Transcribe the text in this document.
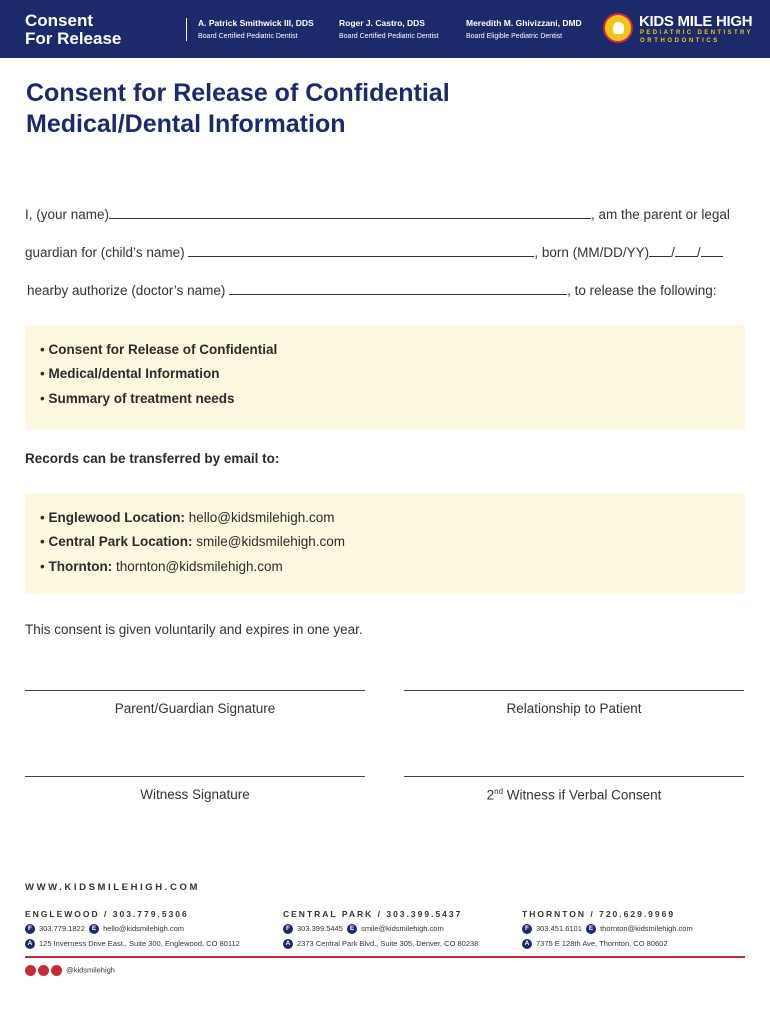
Consent
For Release
A. Patrick Smithwick III, DDS
Board Certified Pediatric Dentist
Roger J. Castro, DDS
Board Certified Pediatric Dentist
Meredith M. Ghivizzani, DMD
Board Eligible Pediatric Dentist
KIDS MILE HIGH
PEDIATRIC DENTISTRY
ORTHODONTICS
Consent for Release of Confidential Medical/Dental Information
I, (your name)	, am the parent or legal
guardian for (child’s name)	, born (MM/DD/YY) / /
hearby authorize (doctor’s name)	, to release the following:
• Consent for Release of Confidential
• Medical/dental Information
• Summary of treatment needs
Records can be transferred by email to:
• Englewood Location: hello@kidsmilehigh.com
• Central Park Location: smile@kidsmilehigh.com
• Thornton: thornton@kidsmilehigh.com
This consent is given voluntarily and expires in one year.
Parent/Guardian Signature	Relationship to Patient
Witness Signature	2nd Witness if Verbal Consent
WWW.KIDSMILEHIGH.COM
ENGLEWOOD / 303.779.5306
F 303.779.1822 E hello@kidsmilehigh.com
A 125 Inverness Drive East., Suite 300, Englewood, CO 80112
CENTRAL PARK / 303.399.5437
F 303.399.5445 E smile@kidsmilehigh.com
A 2373 Central Park Blvd., Suite 305, Denver, CO 80238
THORNTON / 720.629.9969
F 303.451.6101 E thornton@kidsmilehigh.com
A 7375 E 128th Ave, Thornton, CO 80602
@kidsmilehigh
